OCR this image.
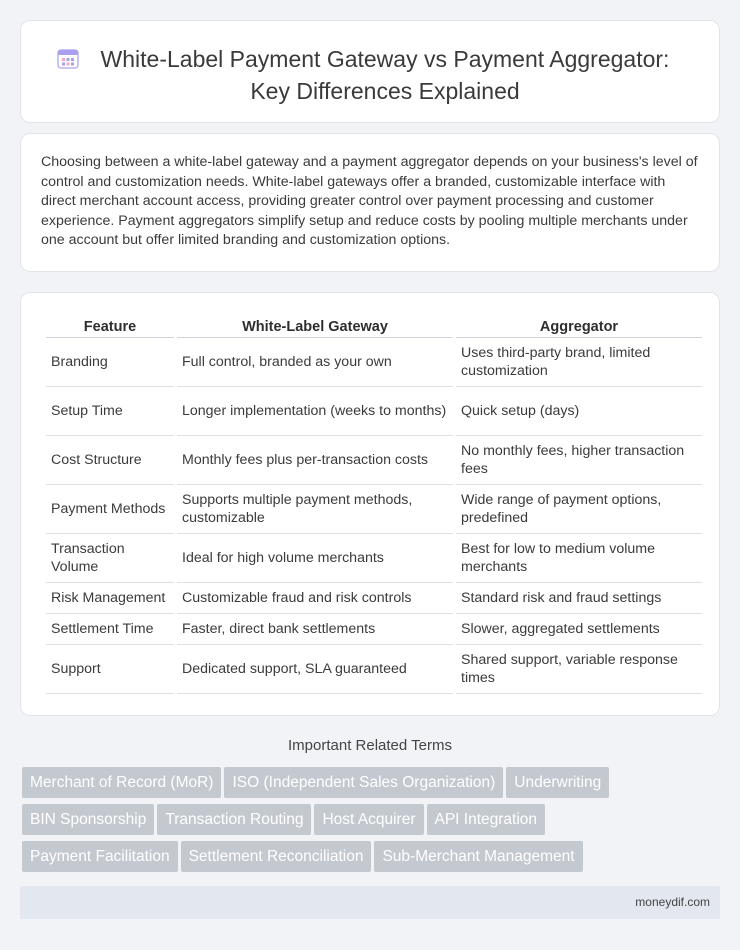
White-Label Payment Gateway vs Payment Aggregator: Key Differences Explained

Choosing between a white-label gateway and a payment aggregator depends on your business's level of control and customization needs. White-label gateways offer a branded, customizable interface with direct merchant account access, providing greater control over payment processing and customer experience. Payment aggregators simplify setup and reduce costs by pooling multiple merchants under one account but offer limited branding and customization options.

Feature	White-Label Gateway	Aggregator
Branding	Full control, branded as your own	Uses third-party brand, limited customization
Setup Time	Longer implementation (weeks to months)	Quick setup (days)
Cost Structure	Monthly fees plus per-transaction costs	No monthly fees, higher transaction fees
Payment Methods	Supports multiple payment methods, customizable	Wide range of payment options, predefined
Transaction Volume	Ideal for high volume merchants	Best for low to medium volume merchants
Risk Management	Customizable fraud and risk controls	Standard risk and fraud settings
Settlement Time	Faster, direct bank settlements	Slower, aggregated settlements
Support	Dedicated support, SLA guaranteed	Shared support, variable response times
Important Related Terms
Merchant of Record (MoR) ISO (Independent Sales Organization) Underwriting
BIN Sponsorship Transaction Routing Host Acquirer API Integration
Payment Facilitation Settlement Reconciliation Sub-Merchant Management
moneydif.com
